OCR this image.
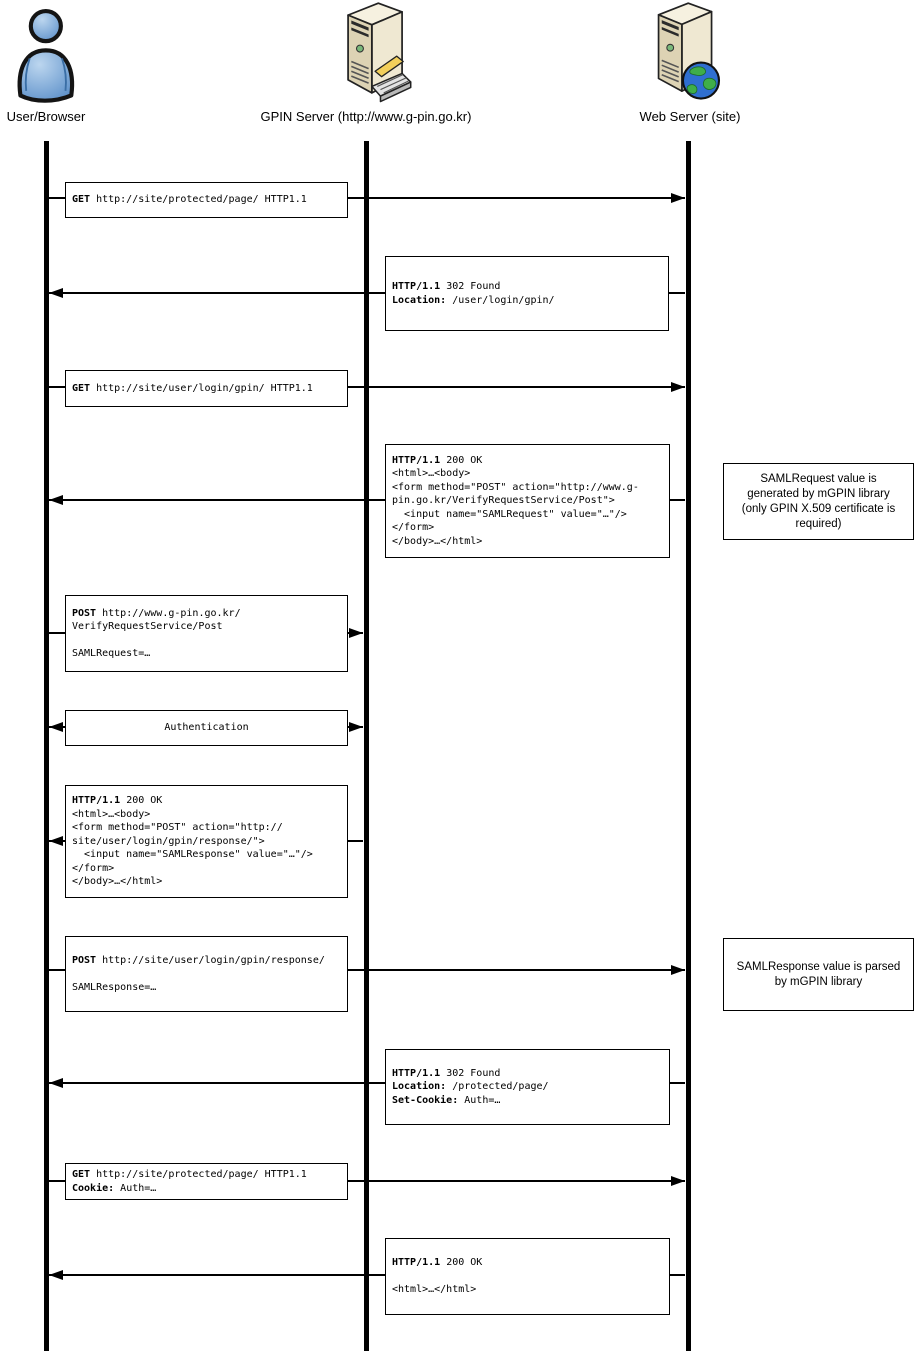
User/Browser	GPIN Server (http://www.g-pin.go.kr)	Web Server (site)
GET http://site/protected/page/ HTTP1.1
HTTP/1.1 302 Found
Location: /user/login/gpin/
GET http://site/user/login/gpin/ HTTP1.1
HTTP/1.1 200 OK
<html>…<body>
<form method="POST" action="http://www.g-
pin.go.kr/VerifyRequestService/Post">
<input name="SAMLRequest" value="…"/>
</form>
</body>…</html>
POST http://www.g-pin.go.kr/
VerifyRequestService/Post
SAMLRequest=…
Authentication
HTTP/1.1 200 OK
<html>…<body>
<form method="POST" action="http://
site/user/login/gpin/response/">
<input name="SAMLResponse" value="…"/>
</form>
</body>…</html>
POST http://site/user/login/gpin/response/
SAMLResponse=…
HTTP/1.1 302 Found
Location: /protected/page/
Set-Cookie: Auth=…
GET http://site/protected/page/ HTTP1.1
Cookie: Auth=…
HTTP/1.1 200 OK
<html>…</html>
SAMLRequest value is generated by mGPIN library (only GPIN X.509 certificate is required)
SAMLResponse value is parsed by mGPIN library
